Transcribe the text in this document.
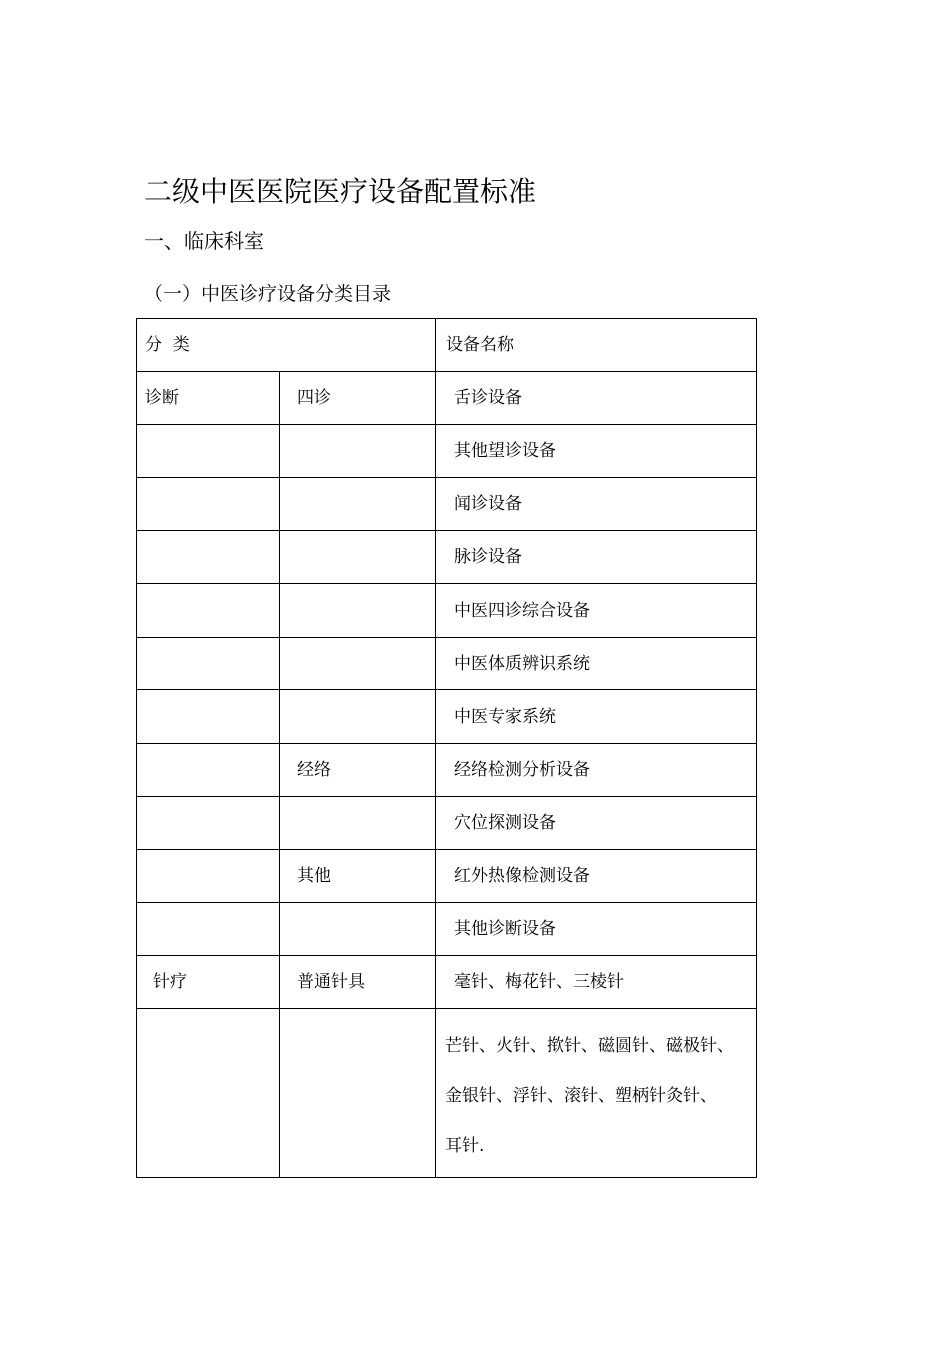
二级中医医院医疗设备配置标准
一、临床科室
（一）中医诊疗设备分类目录
分  类		设备名称
诊断	四诊	舌诊设备
		其他望诊设备
		闻诊设备
		脉诊设备
		中医四诊综合设备
		中医体质辨识系统
		中医专家系统
	经络	经络检测分析设备
		穴位探测设备
	其他	红外热像检测设备
		其他诊断设备
针疗	普通针具	毫针、梅花针、三棱针

		芒针、火针、揿针、磁圆针、磁极针、
金银针、浮针、滚针、塑柄针灸针、
耳针.
